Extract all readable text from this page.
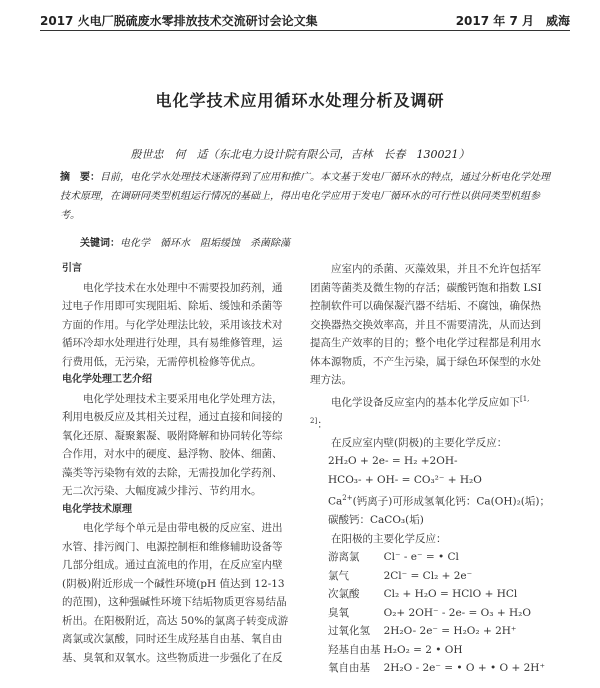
2017 火电厂脱硫废水零排放技术交流研讨会论文集	2017 年 7 月　威海
电化学技术应用循环水处理分析及调研
殷世忠　何　适（东北电力设计院有限公司，吉林　长春　130021）
摘　要：目前，电化学水处理技术逐渐得到了应用和推广。本文基于发电厂循环水的特点，通过分析电化学处理技术原理，在调研同类型机组运行情况的基础上，得出电化学应用于发电厂循环水的可行性以供同类型机组参考。
关键词：电化学 循环水 阻垢缓蚀 杀菌除藻
引言

电化学技术在水处理中不需要投加药剂，通过电子作用即可实现阻垢、除垢、缓蚀和杀菌等方面的作用。与化学处理法比较，采用该技术对循环冷却水处理进行处理，具有易维修管理，运行费用低，无污染，无需停机检修等优点。

电化学处理工艺介绍

电化学处理技术主要采用电化学处理方法，利用电极反应及其相关过程，通过直接和间接的氧化还原、凝聚絮凝、吸附降解和协同转化等综合作用，对水中的硬度、悬浮物、胶体、细菌、藻类等污染物有效的去除，无需投加化学药剂、无二次污染、大幅度减少排污、节约用水。

电化学技术原理

电化学每个单元是由带电极的反应室、进出水管、排污阀门、电源控制柜和维修辅助设备等几部分组成。通过直流电的作用，在反应室内壁(阴极)附近形成一个碱性环境(pH 值达到 12-13 的范围)，这种强碱性环境下结垢物质更容易结晶析出。在阳极附近，高达 50%的氯离子转变成游离氯或次氯酸，同时还生成羟基自由基、氧自由基、臭氧和双氧水。这些物质进一步强化了在反

应室内的杀菌、灭藻效果，并且不允许包括军团菌等菌类及微生物的存活；碳酸钙饱和指数 LSI 控制软件可以确保凝汽器不结垢、不腐蚀，确保热交换器热交换效率高，并且不需要清洗，从而达到提高生产效率的目的；整个电化学过程都是利用水体本源物质，不产生污染，属于绿色环保型的水处理方法。

电化学设备反应室内的基本化学反应如下[1, 2]：

在反应室内壁(阴极)的主要化学反应：

2H₂O + 2e- = H₂ +2OH-
HCO₃- + OH- = CO₃²⁻ + H₂O
$Ca^{2+}$(钙离子)可形成氢氧化钙：Ca(OH)₂(垢)；
碳酸钙：CaCO₃(垢)

在阳极的主要化学反应：

游离氯	Cl⁻ - e⁻ = • Cl
氯气	2Cl⁻ = Cl₂ + 2e⁻
次氯酸	Cl₂ + H₂O = HClO + HCl
臭氧	O₂+ 2OH⁻ - 2e- = O₃ + H₂O
过氧化氢	2H₂O- 2e⁻ = H₂O₂ + 2H⁺
羟基自由基	H₂O₂ = 2 • OH
氧自由基	2H₂O - 2e⁻ = • O + • O + 2H⁺
